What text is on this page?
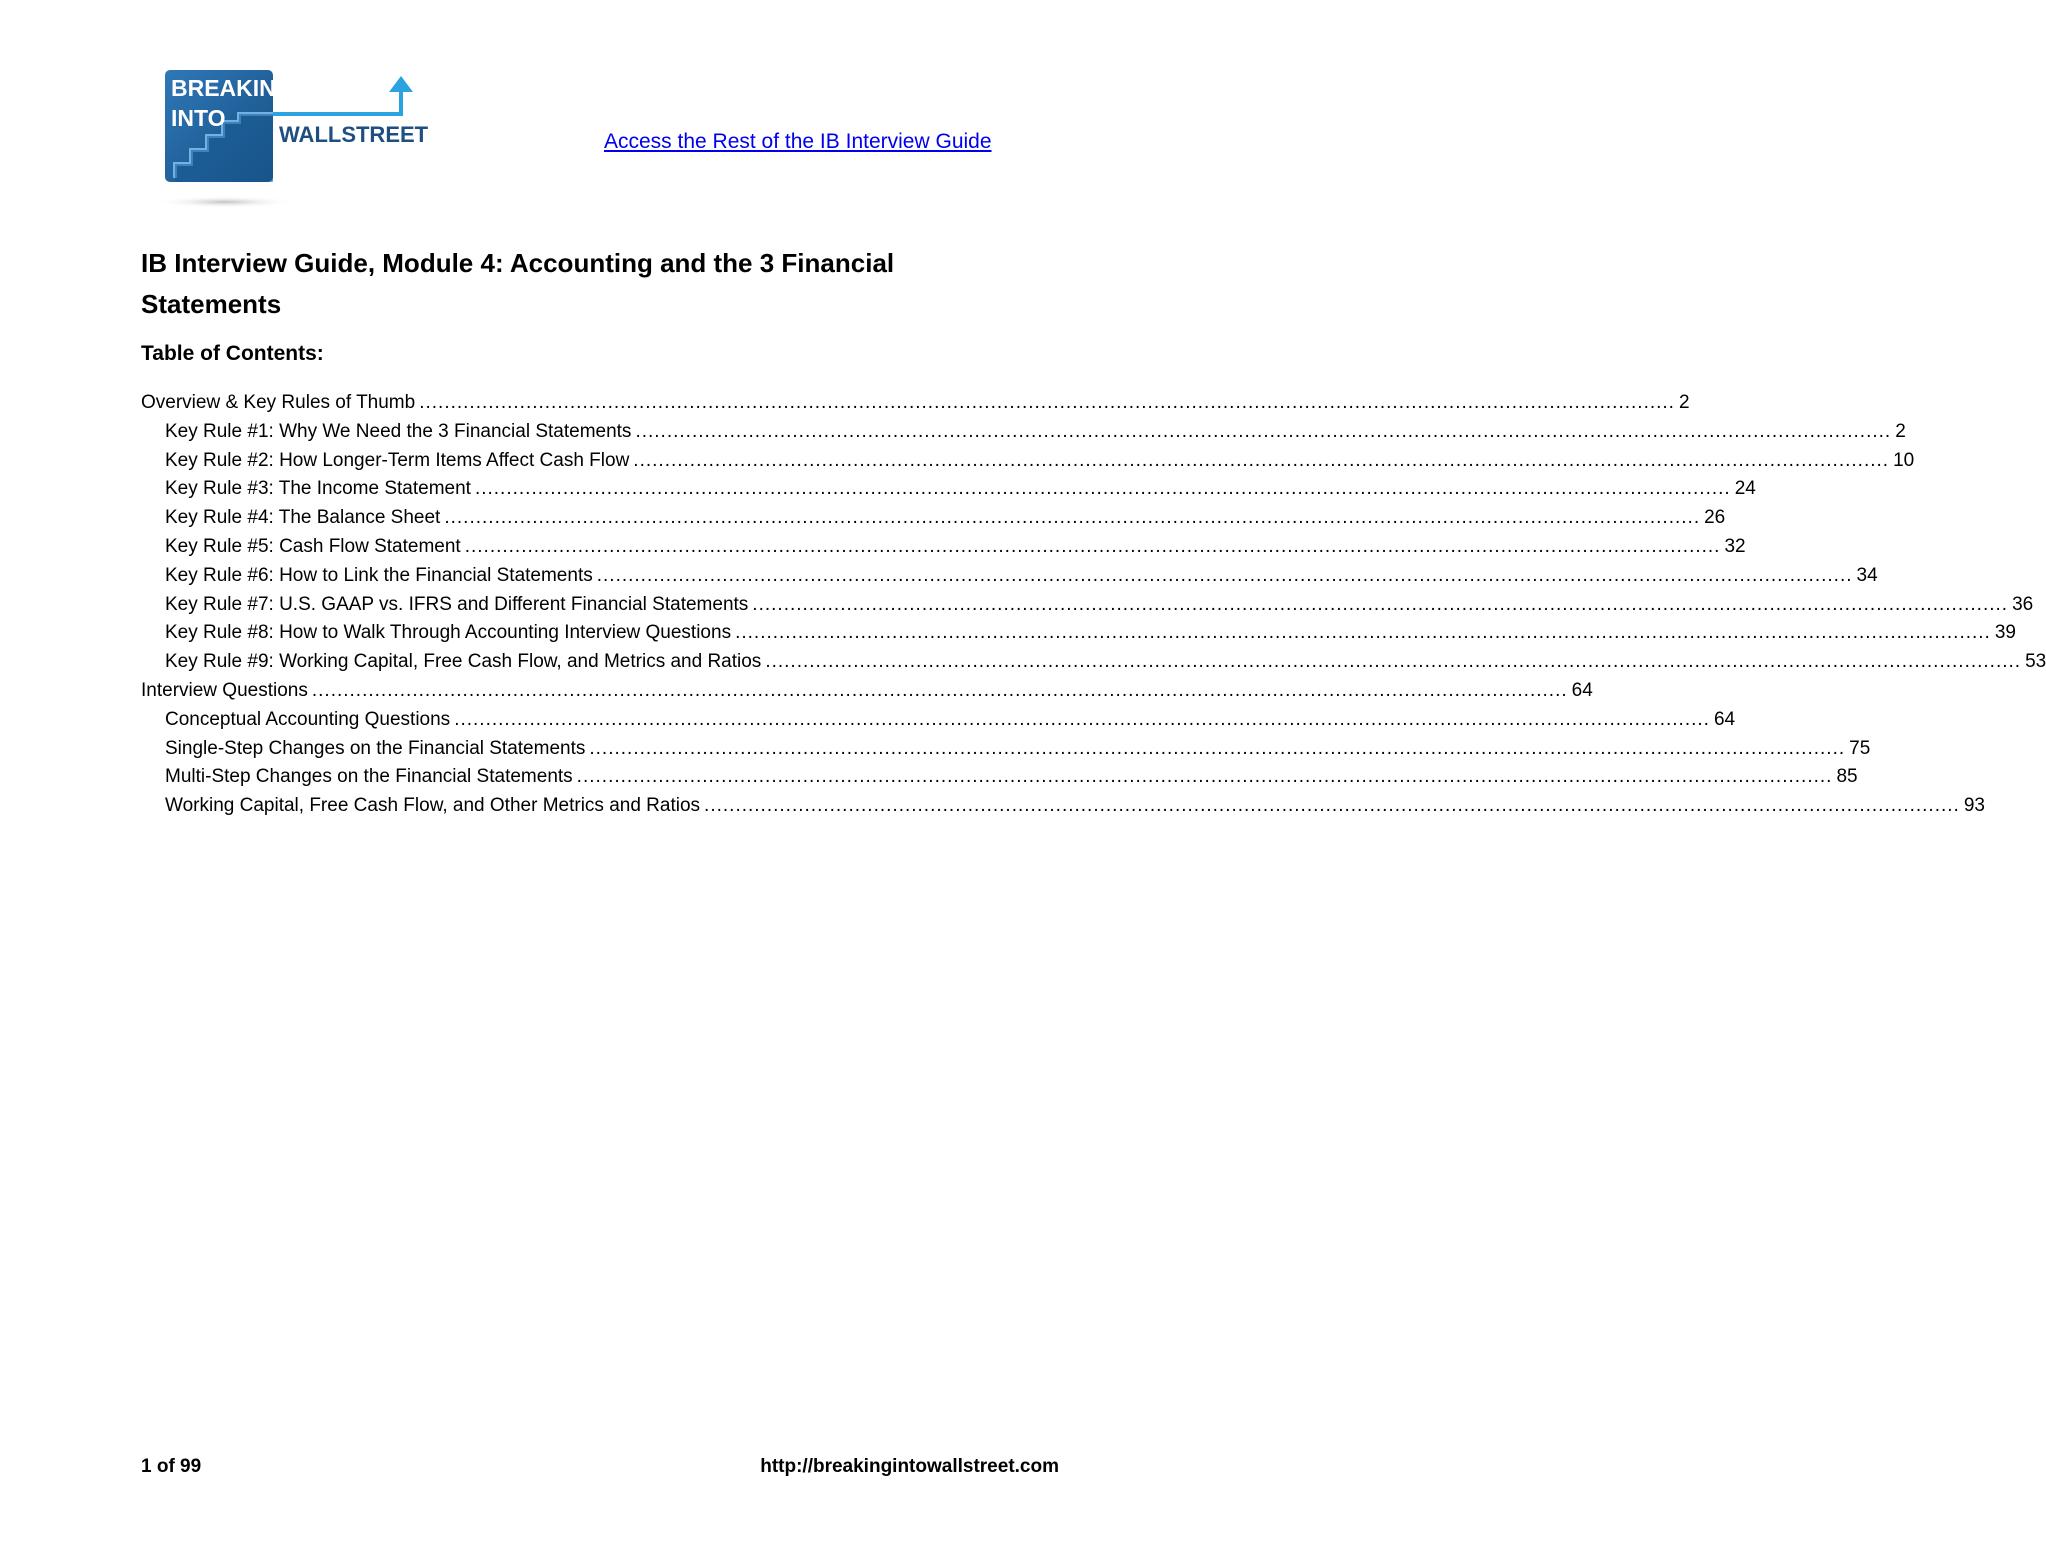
BREAKING
INTO
WALLSTREET	Access the Rest of the IB Interview Guide
IB Interview Guide, Module 4: Accounting and the 3 Financial Statements
Table of Contents:
Overview & Key Rules of Thumb ........................................................................................................................................................................................................ 2
Key Rule #1: Why We Need the 3 Financial Statements ........................................................................................................................................................................................................ 2
Key Rule #2: How Longer-Term Items Affect Cash Flow ........................................................................................................................................................................................................ 10
Key Rule #3: The Income Statement ........................................................................................................................................................................................................ 24
Key Rule #4: The Balance Sheet ........................................................................................................................................................................................................ 26
Key Rule #5: Cash Flow Statement ........................................................................................................................................................................................................ 32
Key Rule #6: How to Link the Financial Statements ........................................................................................................................................................................................................ 34
Key Rule #7: U.S. GAAP vs. IFRS and Different Financial Statements ........................................................................................................................................................................................................ 36
Key Rule #8: How to Walk Through Accounting Interview Questions ........................................................................................................................................................................................................ 39
Key Rule #9: Working Capital, Free Cash Flow, and Metrics and Ratios ........................................................................................................................................................................................................ 53
Interview Questions ........................................................................................................................................................................................................ 64
Conceptual Accounting Questions ........................................................................................................................................................................................................ 64
Single-Step Changes on the Financial Statements ........................................................................................................................................................................................................ 75
Multi-Step Changes on the Financial Statements ........................................................................................................................................................................................................ 85
Working Capital, Free Cash Flow, and Other Metrics and Ratios ........................................................................................................................................................................................................ 93
1 of 99	http://breakingintowallstreet.com
